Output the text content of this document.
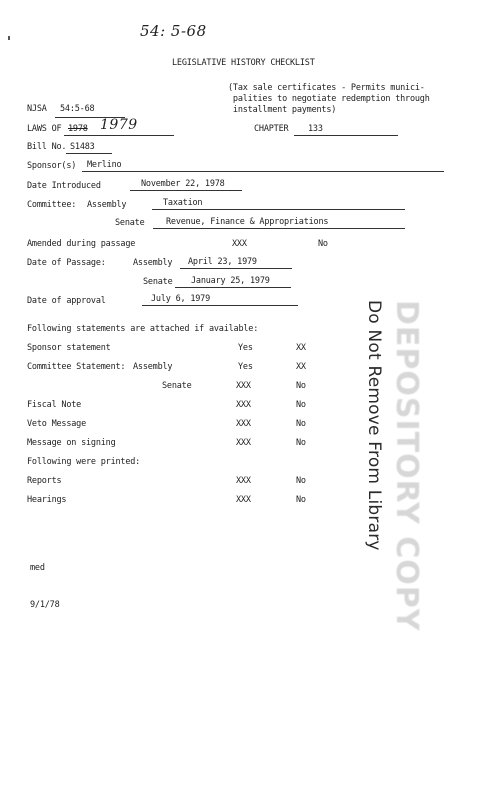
54: 5-68
LEGISLATIVE HISTORY CHECKLIST
(Tax sale certificates - Permits munici-
palities to negotiate redemption through
installment payments)
NJSA 54:5-68
LAWS OF 1978 1979	CHAPTER 133
Bill No. S1483
Sponsor(s) Merlino
Date Introduced	November 22, 1978
Committee: Assembly	Taxation
Senate	Revenue, Finance & Appropriations
Amended during passage	XXX	No
Date of Passage:	Assembly April 23, 1979
Senate January 25, 1979
Date of approval	July 6, 1979
Following statements are attached if available:
Sponsor statement	Yes	XX
Committee Statement: Assembly	Yes	XX
Senate	XXX	No
Fiscal Note	XXX	No
Veto Message	XXX	No
Message on signing	XXX	No
Following were printed:
Reports	XXX	No
Hearings	XXX	No
med
9/1/78	DEPOSITORY COPY
Do Not Remove From Library
